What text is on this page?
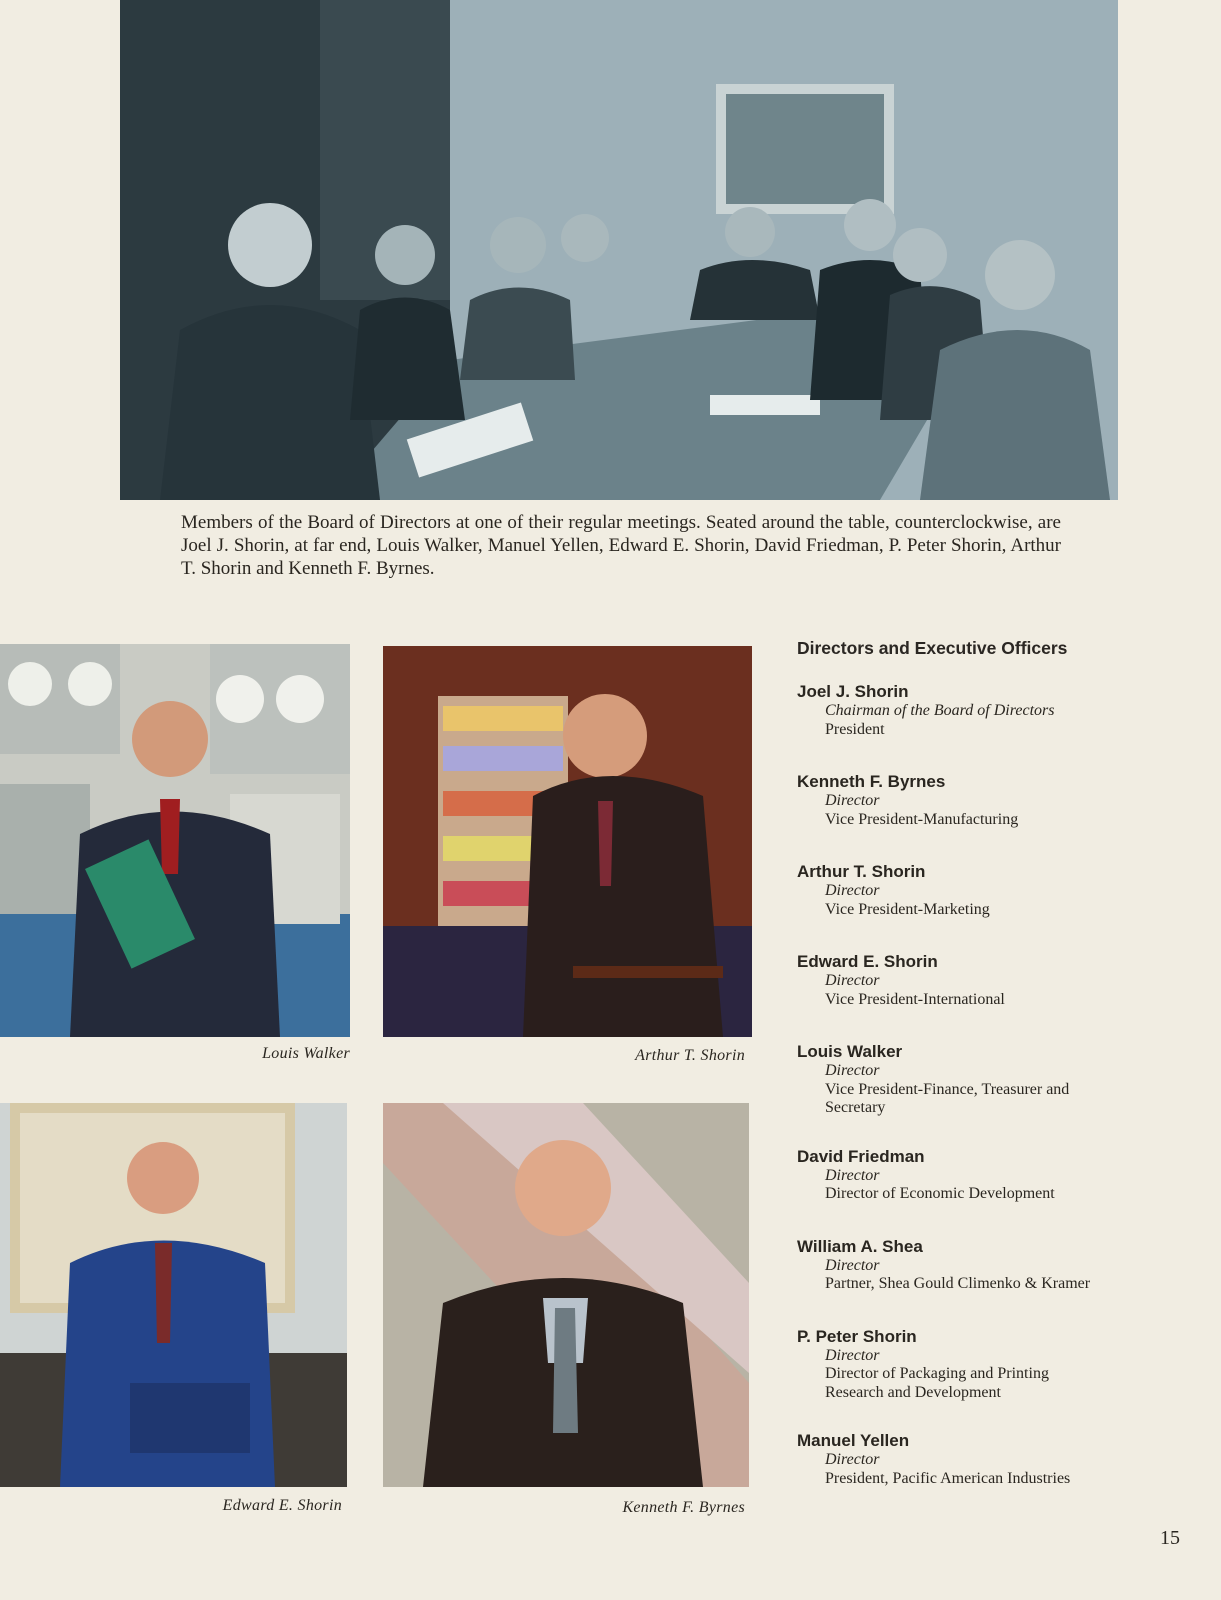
Members of the Board of Directors at one of their regular meetings. Seated around the table, counterclockwise, are Joel J. Shorin, at far end, Louis Walker, Manuel Yellen, Edward E. Shorin, David Friedman, P. Peter Shorin, Arthur T. Shorin and Kenneth F. Byrnes.

Louis Walker	Arthur T. Shorin

Edward E. Shorin	Kenneth F. Byrnes

Directors and Executive Officers

Joel J. Shorin

Chairman of the Board of Directors

President

Kenneth F. Byrnes

Director

Vice President-Manufacturing

Arthur T. Shorin

Director

Vice President-Marketing

Edward E. Shorin

Director

Vice President-International

Louis Walker

Director

Vice President-Finance, Treasurer and

Secretary

David Friedman

Director

Director of Economic Development

William A. Shea

Director

Partner, Shea Gould Climenko & Kramer

P. Peter Shorin

Director

Director of Packaging and Printing

Research and Development

Manuel Yellen

Director

President, Pacific American Industries

15
